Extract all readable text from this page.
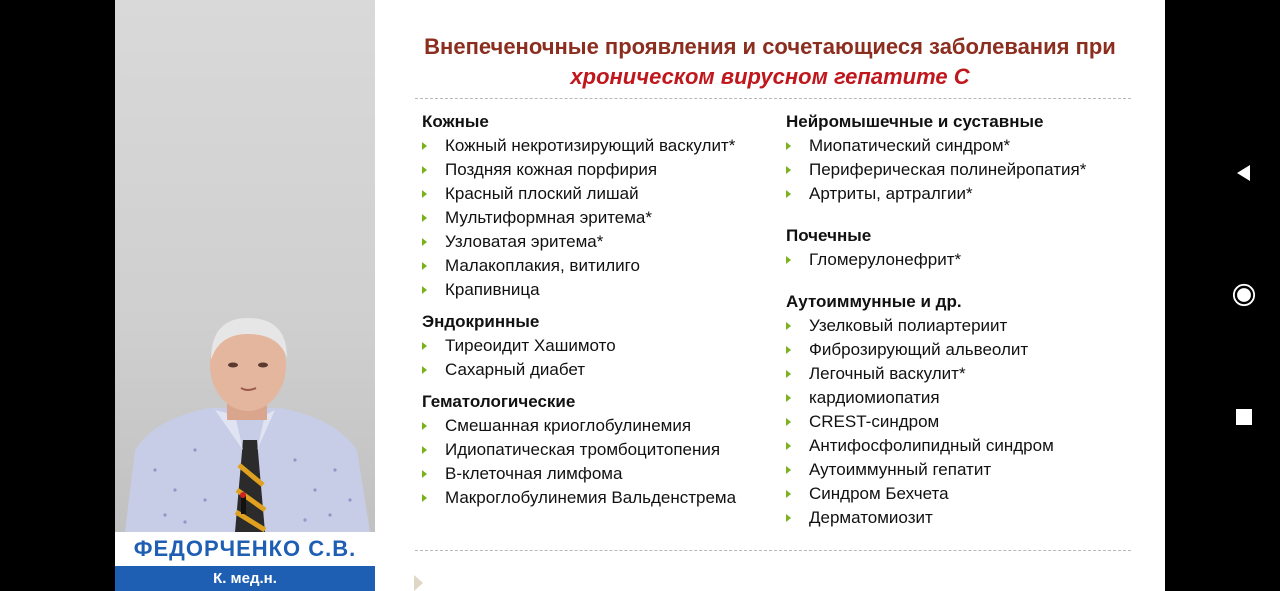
ФЕДОРЧЕНКО С.В.
К. мед.н.
Внепеченочные проявления и сочетающиеся заболевания при
хроническом вирусном гепатите С
Кожные
Кожный некротизирующий васкулит*
Поздняя кожная порфирия
Красный плоский лишай
Мультиформная эритема*
Узловатая эритема*
Малакоплакия, витилиго
Крапивница
Эндокринные
Тиреоидит Хашимото
Сахарный диабет
Гематологические
Смешанная криоглобулинемия
Идиопатическая тромбоцитопения
В-клеточная лимфома
Макроглобулинемия Вальденстрема
Нейромышечные и суставные
Миопатический синдром*
Периферическая полинейропатия*
Артриты, артралгии*
Почечные
Гломерулонефрит*
Аутоиммунные и др.
Узелковый полиартериит
Фиброзирующий альвеолит
Легочный васкулит*
кардиомиопатия
CREST-синдром
Антифосфолипидный синдром
Аутоиммунный гепатит
Синдром Бехчета
Дерматомиозит
